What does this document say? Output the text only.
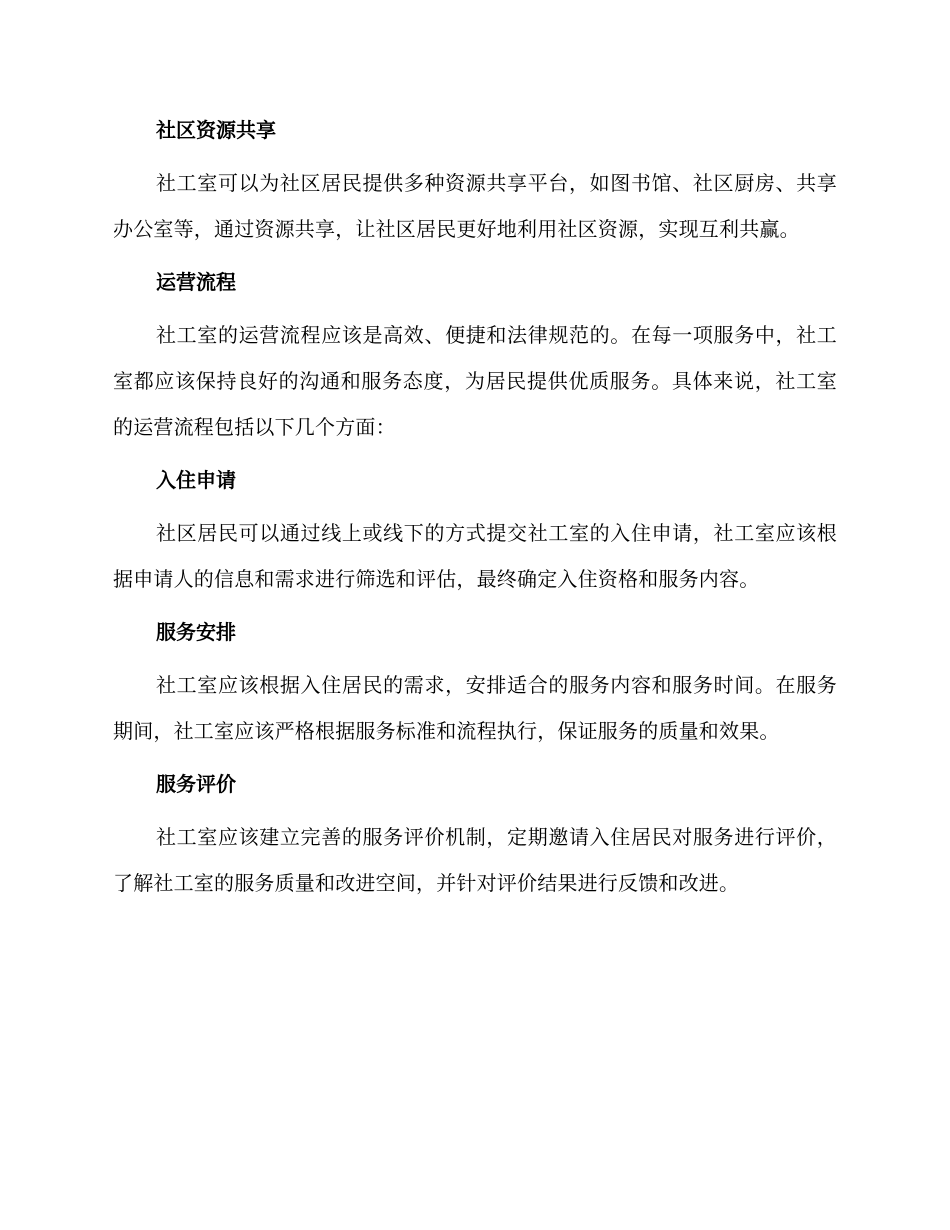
社区资源共享

社工室可以为社区居民提供多种资源共享平台，如图书馆、社区厨房、共享办公室等，通过资源共享，让社区居民更好地利用社区资源，实现互利共赢。

运营流程

社工室的运营流程应该是高效、便捷和法律规范的。在每一项服务中，社工室都应该保持良好的沟通和服务态度，为居民提供优质服务。具体来说，社工室的运营流程包括以下几个方面：

入住申请

社区居民可以通过线上或线下的方式提交社工室的入住申请，社工室应该根据申请人的信息和需求进行筛选和评估，最终确定入住资格和服务内容。

服务安排

社工室应该根据入住居民的需求，安排适合的服务内容和服务时间。在服务期间，社工室应该严格根据服务标准和流程执行，保证服务的质量和效果。

服务评价

社工室应该建立完善的服务评价机制，定期邀请入住居民对服务进行评价，了解社工室的服务质量和改进空间，并针对评价结果进行反馈和改进。
